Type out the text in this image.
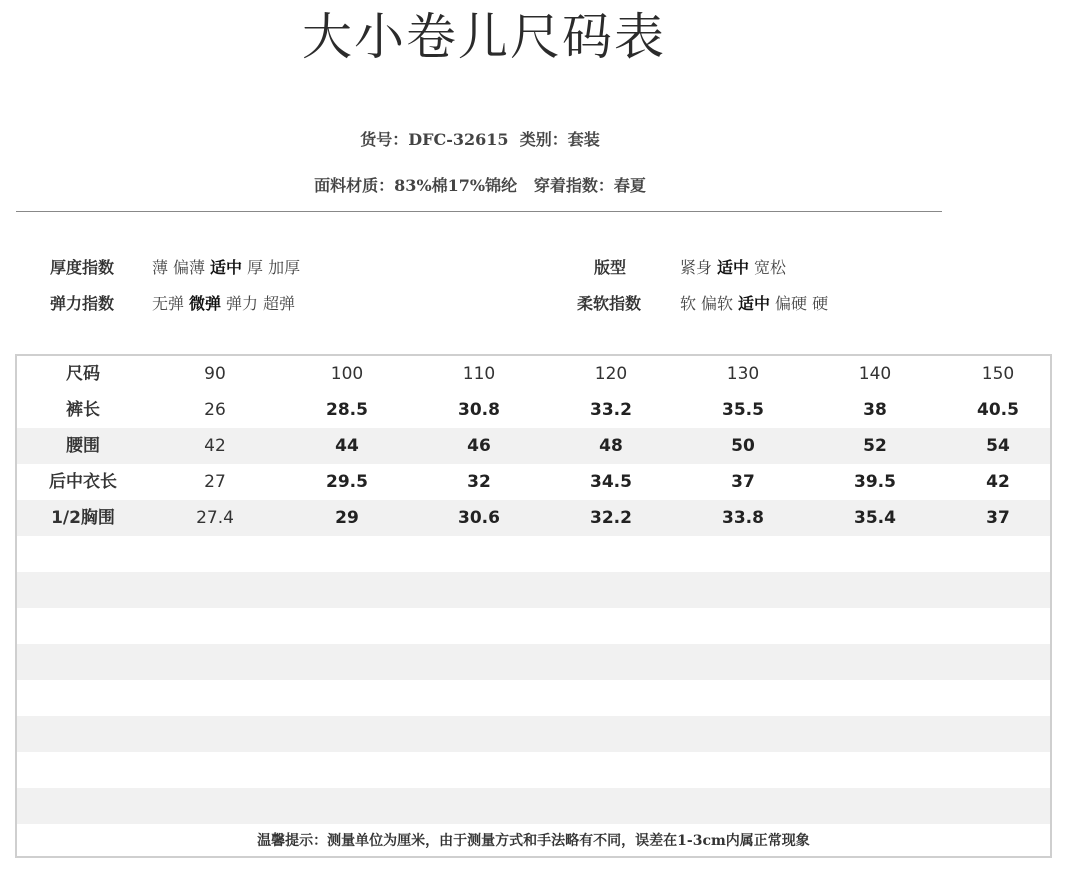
大小卷儿尺码表
货号：DFC-32615  类别：套装
面料材质：83%棉17%锦纶   穿着指数：春夏
厚度指数 薄 偏薄 适中 厚 加厚
弹力指数 无弹 微弹 弹力 超弹
版型	紧身 适中 宽松
柔软指数 软 偏软 适中 偏硬 硬
尺码	90	100	110	120	130	140	150
裤长	26	28.5	30.8	33.2	35.5	38	40.5
腰围	42	44	46	48	50	52	54
后中衣长	27	29.5	32	34.5	37	39.5	42
1/2胸围	27.4	29	30.6	32.2	33.8	35.4	37
温馨提示：测量单位为厘米，由于测量方式和手法略有不同，误差在1-3cm内属正常现象
